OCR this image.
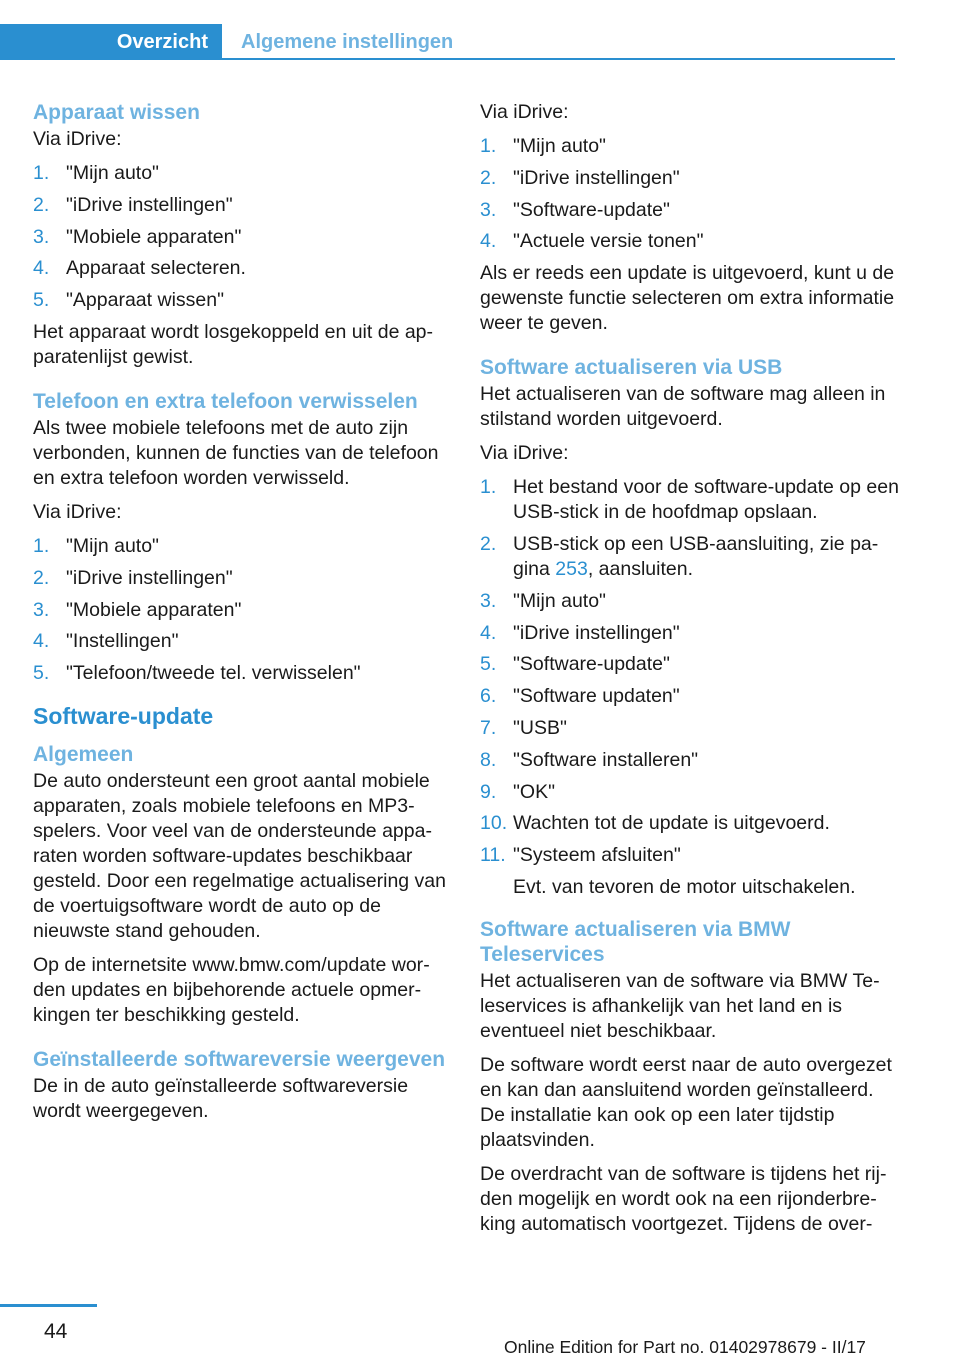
Overzicht	Algemene instellingen
Apparaat wissen

Via iDrive:

1. "Mijn auto"
2. "iDrive instellingen"
3. "Mobiele apparaten"
4. Apparaat selecteren.
5. "Apparaat wissen"

Het apparaat wordt losgekoppeld en uit de apparatenlijst gewist.

Telefoon en extra telefoon verwisselen

Als twee mobiele telefoons met de auto zijn verbonden, kunnen de functies van de telefoon en extra telefoon worden verwisseld.

Via iDrive:

1. "Mijn auto"
2. "iDrive instellingen"
3. "Mobiele apparaten"
4. "Instellingen"
5. "Telefoon/tweede tel. verwisselen"
Software-update
Algemeen

De auto ondersteunt een groot aantal mobiele apparaten, zoals mobiele telefoons en MP3-spelers. Voor veel van de ondersteunde apparaten worden software-updates beschikbaar gesteld. Door een regelmatige actualisering van de voertuigsoftware wordt de auto op de nieuwste stand gehouden.

Op de internetsite www.bmw.com/update worden updates en bijbehorende actuele opmerkingen ter beschikking gesteld.

Geïnstalleerde softwareversie weergeven

De in de auto geïnstalleerde softwareversie wordt weergegeven.

Via iDrive:

1. "Mijn auto"
2. "iDrive instellingen"
3. "Software-update"
4. "Actuele versie tonen"

Als er reeds een update is uitgevoerd, kunt u de gewenste functie selecteren om extra informatie weer te geven.

Software actualiseren via USB

Het actualiseren van de software mag alleen in stilstand worden uitgevoerd.

Via iDrive:

1. Het bestand voor de software-update op een USB-stick in de hoofdmap opslaan.
2. USB-stick op een USB-aansluiting, zie pagina 253, aansluiten.
3. "Mijn auto"
4. "iDrive instellingen"
5. "Software-update"
6. "Software updaten"
7. "USB"
8. "Software installeren"
9. "OK"
10. Wachten tot de update is uitgevoerd.
11. "Systeem afsluiten"
Evt. van tevoren de motor uitschakelen.
Software actualiseren via BMW Teleservices

Het actualiseren van de software via BMW Teleservices is afhankelijk van het land en is eventueel niet beschikbaar.

De software wordt eerst naar de auto overgezet en kan dan aansluitend worden geïnstalleerd. De installatie kan ook op een later tijdstip plaatsvinden.

De overdracht van de software is tijdens het rijden mogelijk en wordt ook na een rijonderbreking automatisch voortgezet. Tijdens de over-

44
Online Edition for Part no. 01402978679 - II/17
